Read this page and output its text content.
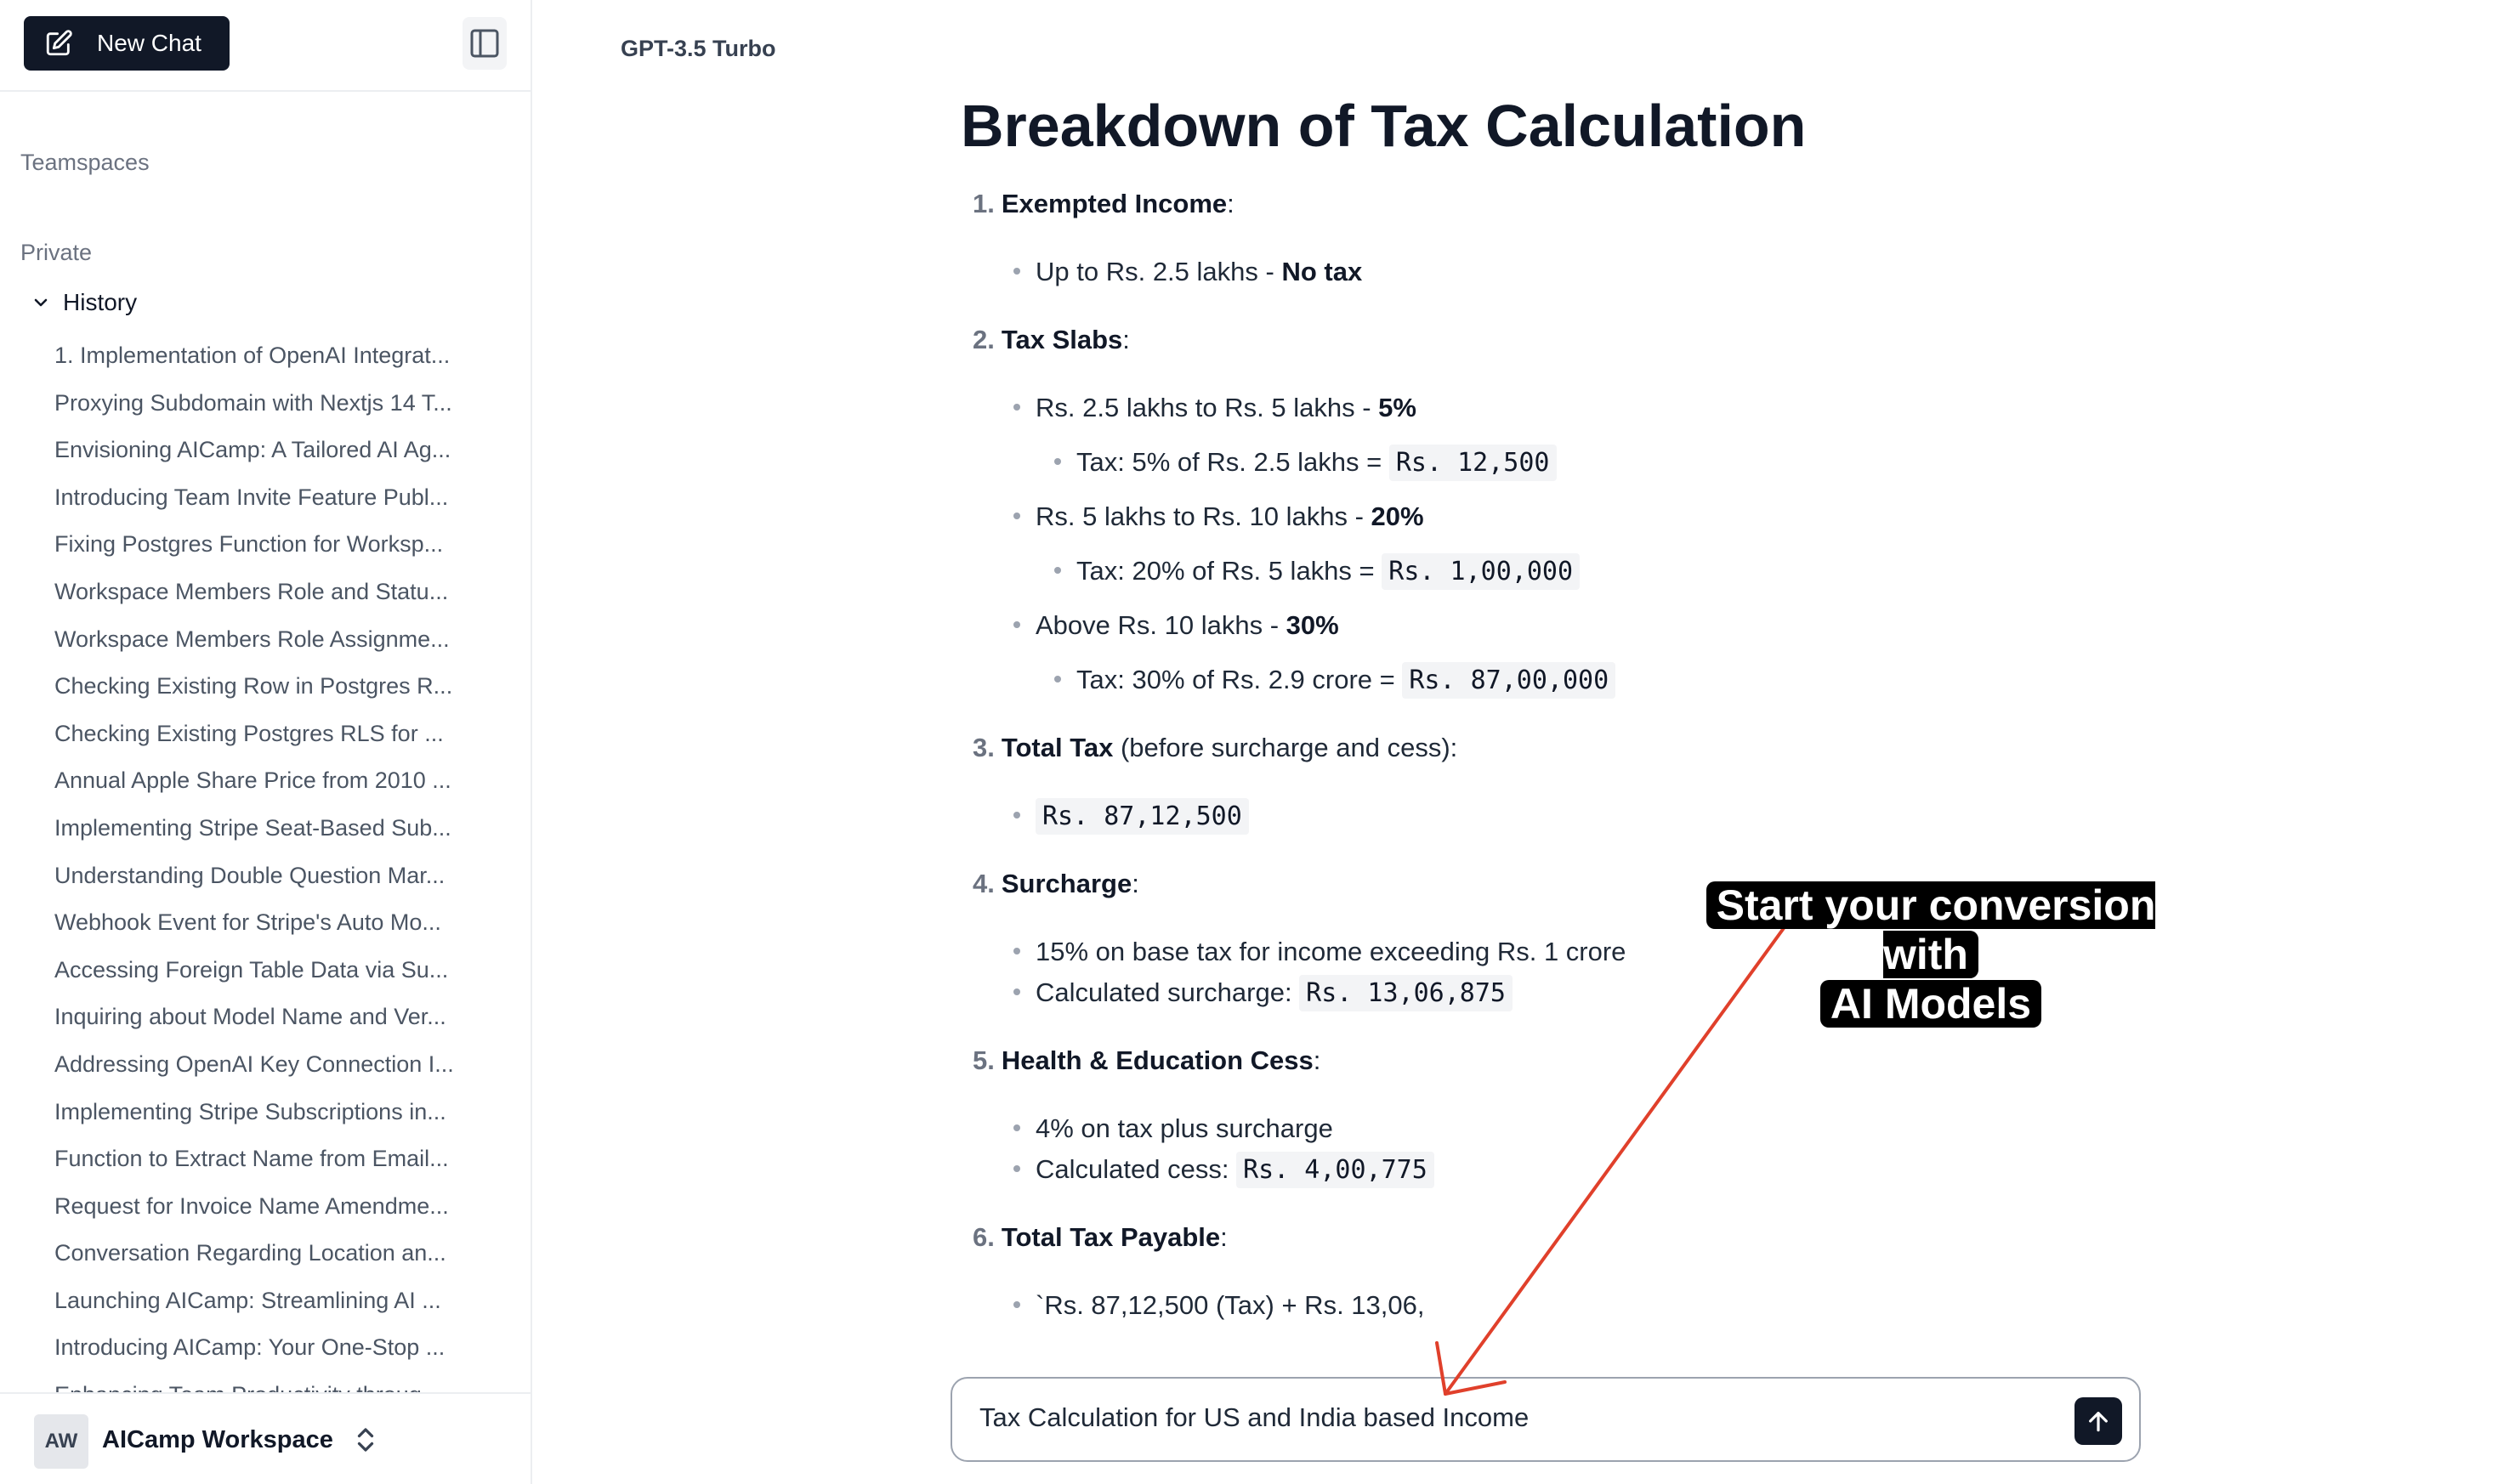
New Chat
Teamspaces
Private
History
1. Implementation of OpenAI Integrat...
Proxying Subdomain with Nextjs 14 T...
Envisioning AICamp: A Tailored AI Ag...
Introducing Team Invite Feature Publ...
Fixing Postgres Function for Worksp...
Workspace Members Role and Statu...
Workspace Members Role Assignme...
Checking Existing Row in Postgres R...
Checking Existing Postgres RLS for ...
Annual Apple Share Price from 2010 ...
Implementing Stripe Seat-Based Sub...
Understanding Double Question Mar...
Webhook Event for Stripe's Auto Mo...
Accessing Foreign Table Data via Su...
Inquiring about Model Name and Ver...
Addressing OpenAI Key Connection I...
Implementing Stripe Subscriptions in...
Function to Extract Name from Email...
Request for Invoice Name Amendme...
Conversation Regarding Location an...
Launching AICamp: Streamlining AI ...
Introducing AICamp: Your One-Stop ...
AW AICamp Workspace
GPT-3.5 Turbo
Breakdown of Tax Calculation
1. Exempted Income:
Up to Rs. 2.5 lakhs - No tax
2. Tax Slabs:
Rs. 2.5 lakhs to Rs. 5 lakhs - 5%
Tax: 5% of Rs. 2.5 lakhs = Rs. 12,500
Rs. 5 lakhs to Rs. 10 lakhs - 20%
Tax: 20% of Rs. 5 lakhs = Rs. 1,00,000
Above Rs. 10 lakhs - 30%
Tax: 30% of Rs. 2.9 crore = Rs. 87,00,000
3. Total Tax (before surcharge and cess):
Rs. 87,12,500
4. Surcharge:
15% on base tax for income exceeding Rs. 1 crore
Calculated surcharge: Rs. 13,06,875
5. Health & Education Cess:
4% on tax plus surcharge
Calculated cess: Rs. 4,00,775
6. Total Tax Payable:
`Rs. 87,12,500 (Tax) + Rs. 13,06,
Tax Calculation for US and India based Income
Start your conversion with
AI Models
